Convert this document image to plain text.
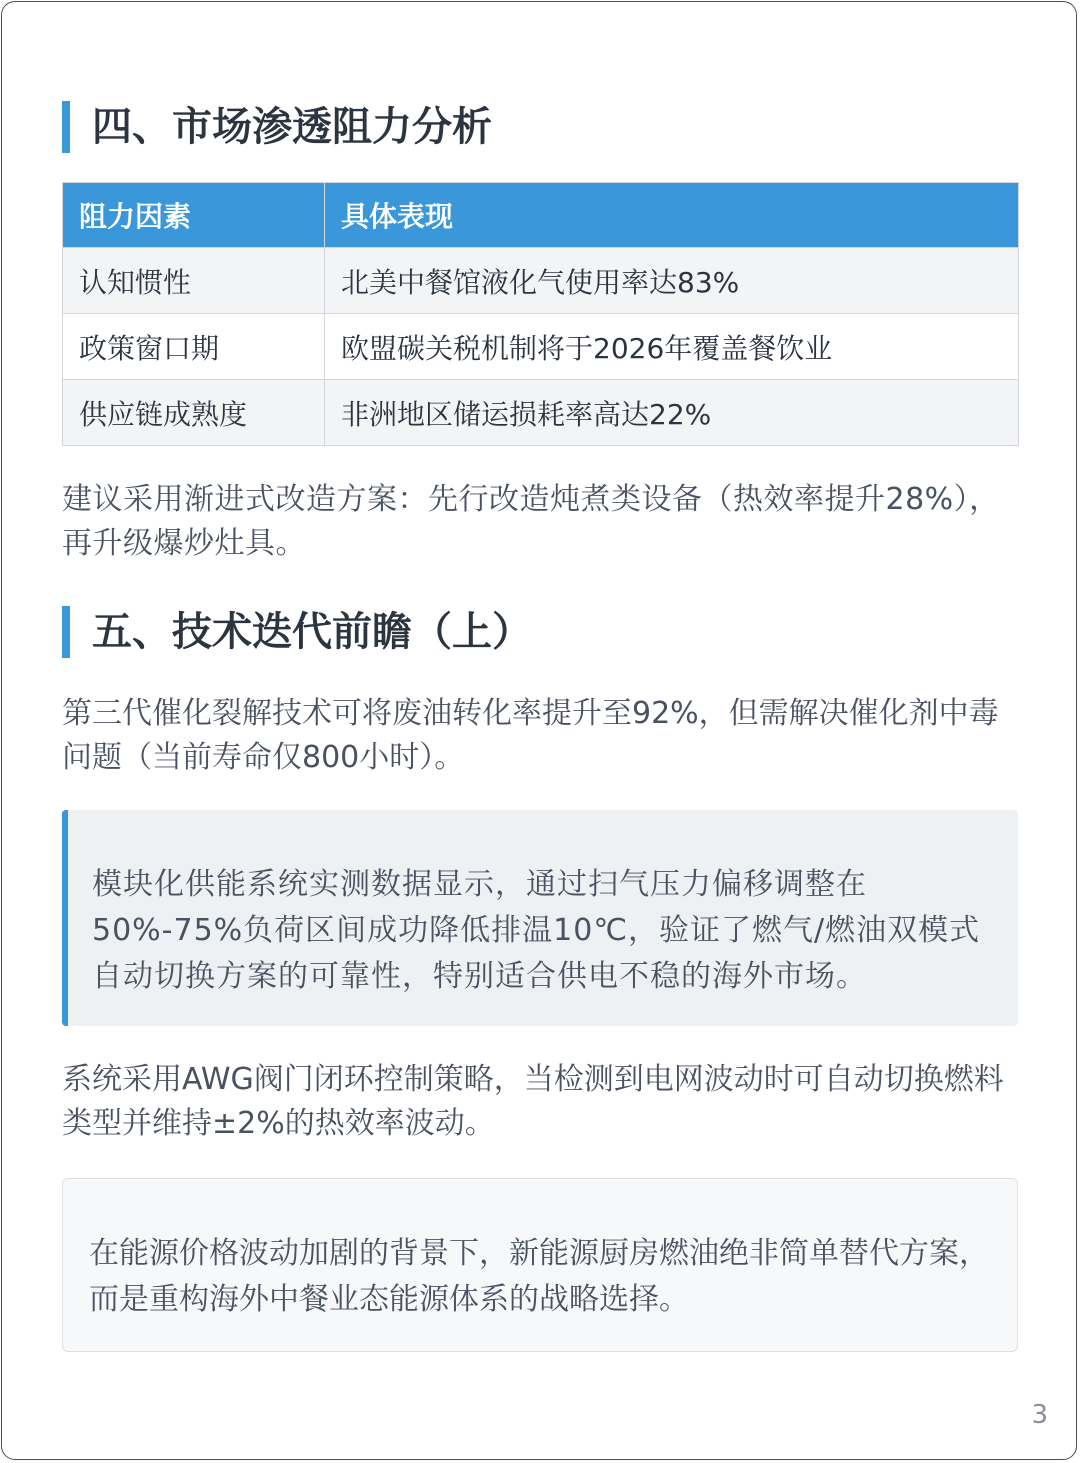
四、市场渗透阻力分析
阻力因素	具体表现
认知惯性	北美中餐馆液化气使用率达83%
政策窗口期	欧盟碳关税机制将于2026年覆盖餐饮业
供应链成熟度	非洲地区储运损耗率高达22%

建议采用渐进式改造方案：先行改造炖煮类设备（热效率提升28%），再升级爆炒灶具。

五、技术迭代前瞻（上）

第三代催化裂解技术可将废油转化率提升至92%，但需解决催化剂中毒问题（当前寿命仅800小时）。

模块化供能系统实测数据显示，通过扫气压力偏移调整在50%-75%负荷区间成功降低排温10℃，验证了燃气/燃油双模式自动切换方案的可靠性，特别适合供电不稳的海外市场。

系统采用AWG阀门闭环控制策略，当检测到电网波动时可自动切换燃料类型并维持±2%的热效率波动。

在能源价格波动加剧的背景下，新能源厨房燃油绝非简单替代方案，而是重构海外中餐业态能源体系的战略选择。

3
